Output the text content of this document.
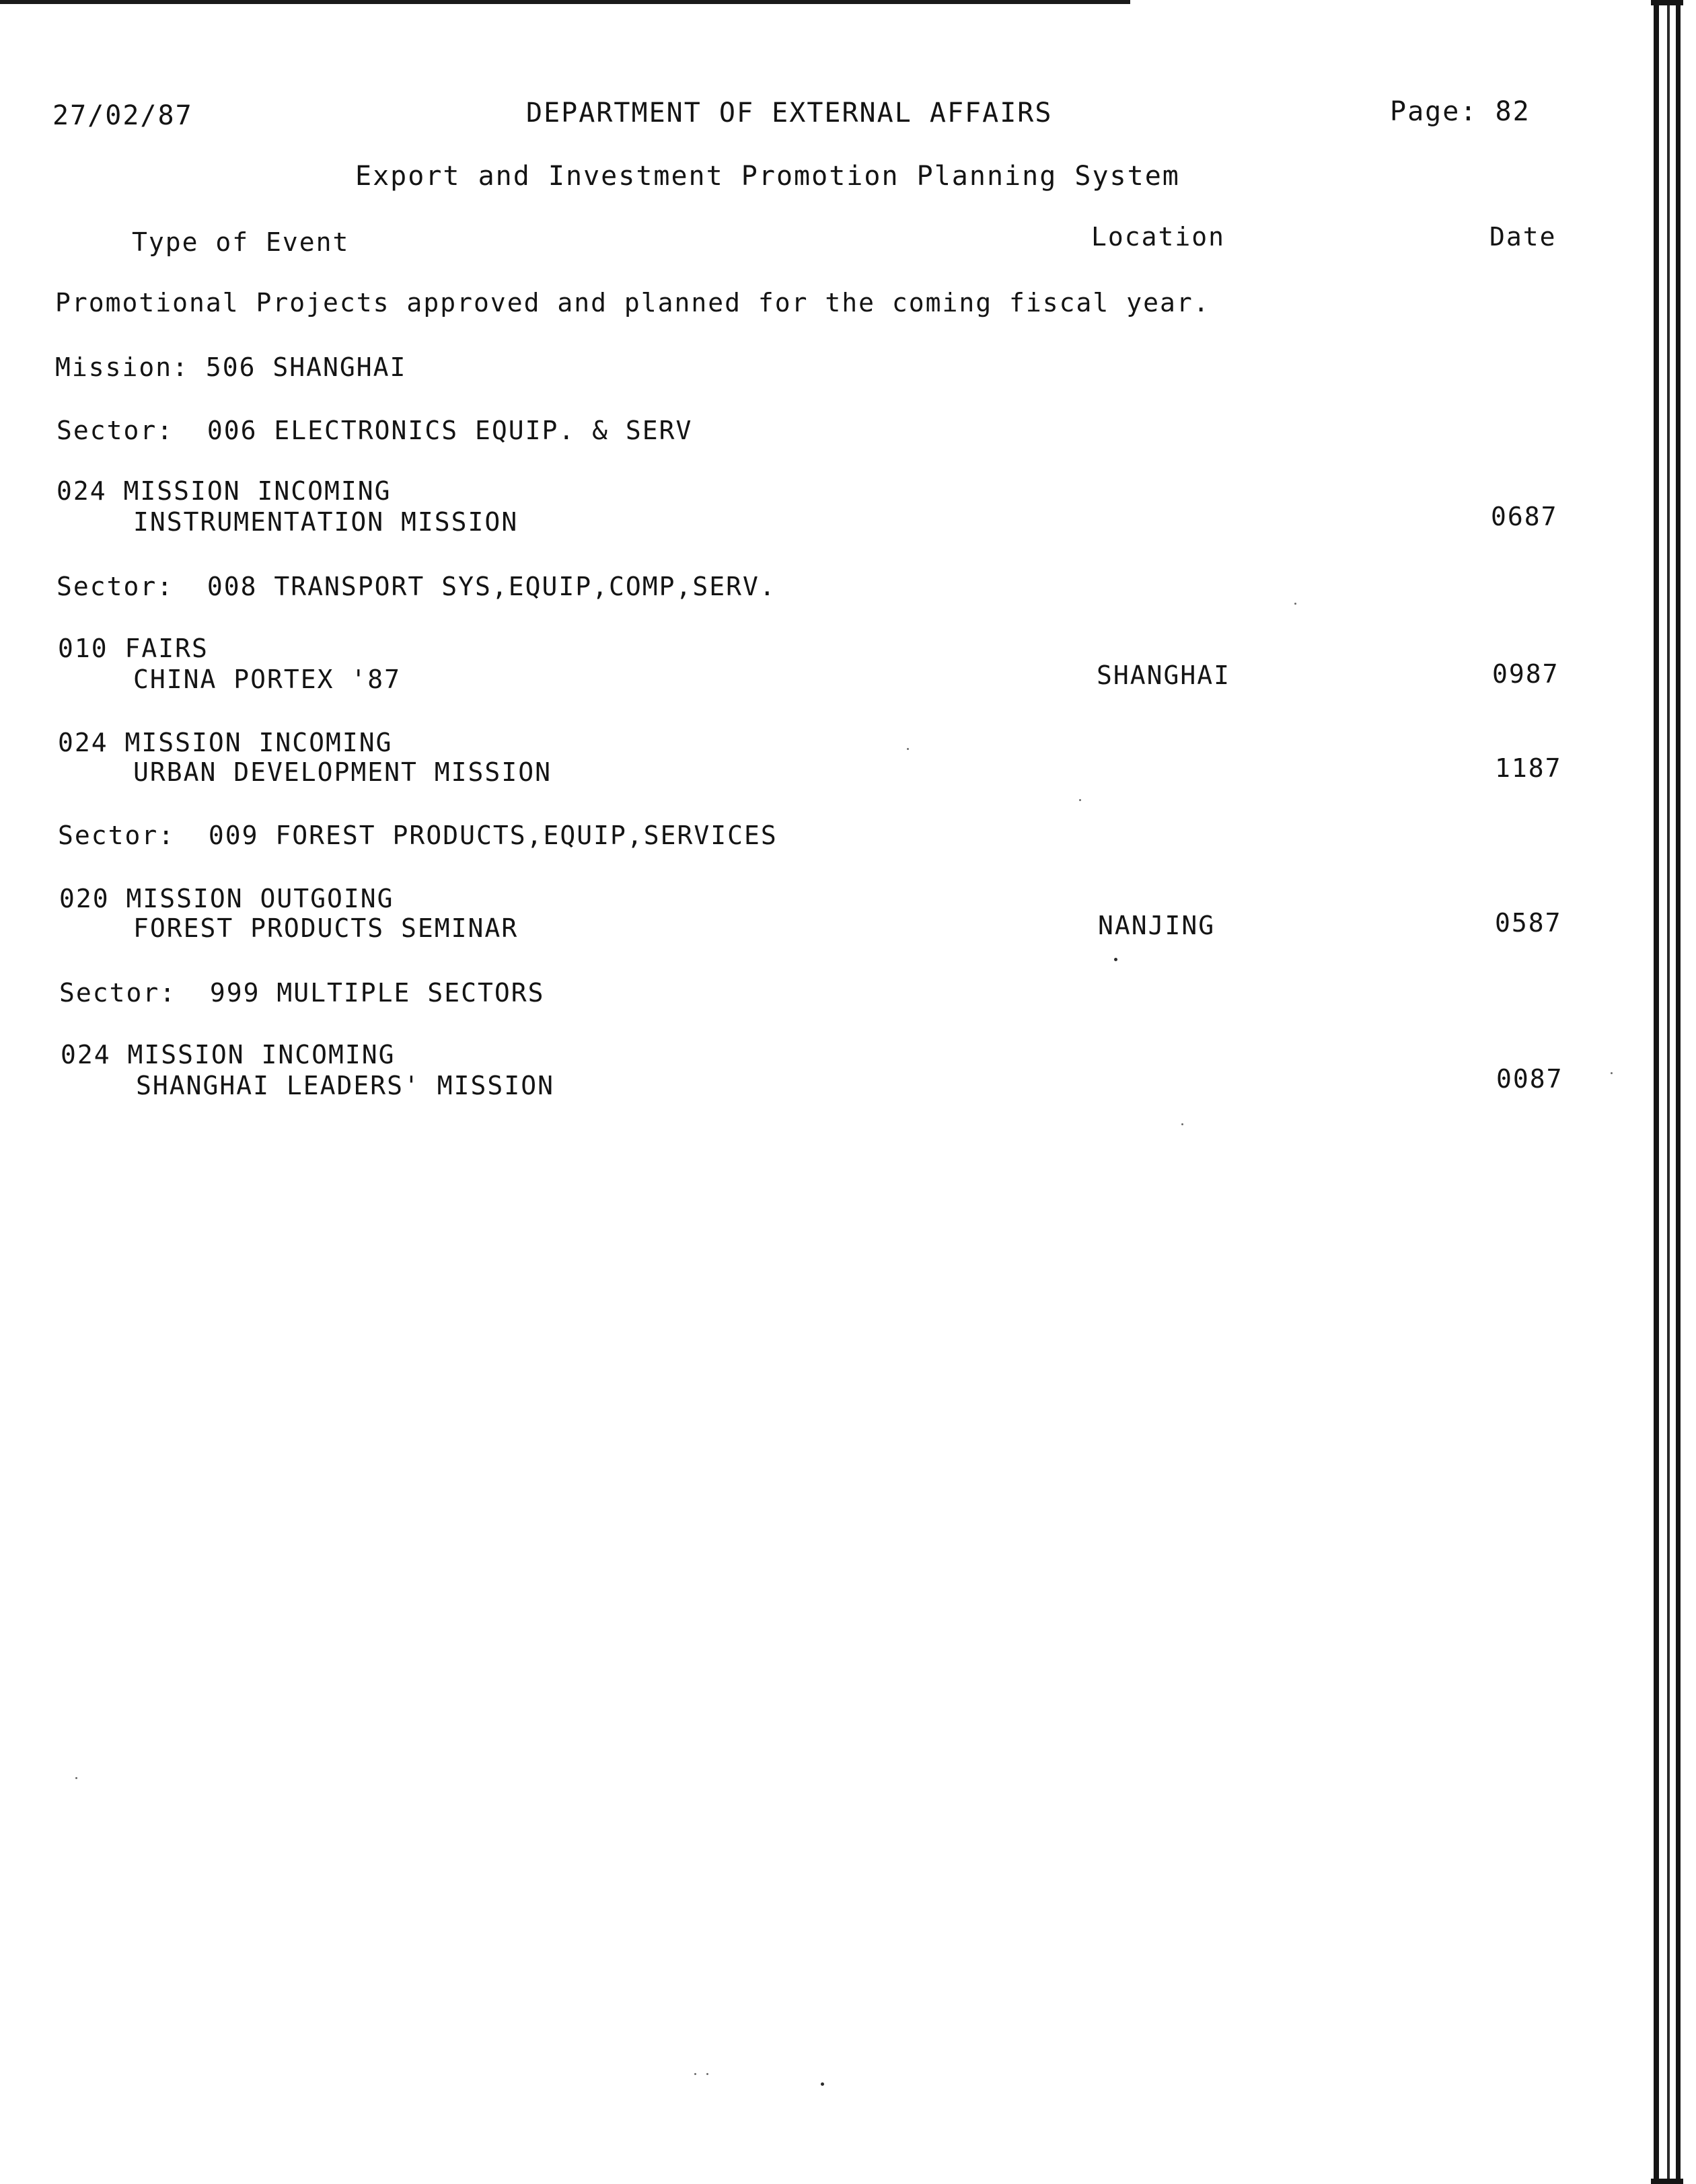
27/02/87	DEPARTMENT OF EXTERNAL AFFAIRS	Page: 82
Export and Investment Promotion Planning System
Type of Event	Location	Date
Promotional Projects approved and planned for the coming fiscal year.
Mission: 506 SHANGHAI
Sector:  006 ELECTRONICS EQUIP. & SERV
024 MISSION INCOMING
INSTRUMENTATION MISSION	0687
Sector:  008 TRANSPORT SYS,EQUIP,COMP,SERV.
010 FAIRS
CHINA PORTEX '87	SHANGHAI	0987
024 MISSION INCOMING
URBAN DEVELOPMENT MISSION	1187
Sector:  009 FOREST PRODUCTS,EQUIP,SERVICES
020 MISSION OUTGOING
FOREST PRODUCTS SEMINAR	NANJING	0587
Sector:  999 MULTIPLE SECTORS
024 MISSION INCOMING
SHANGHAI LEADERS' MISSION	0087
